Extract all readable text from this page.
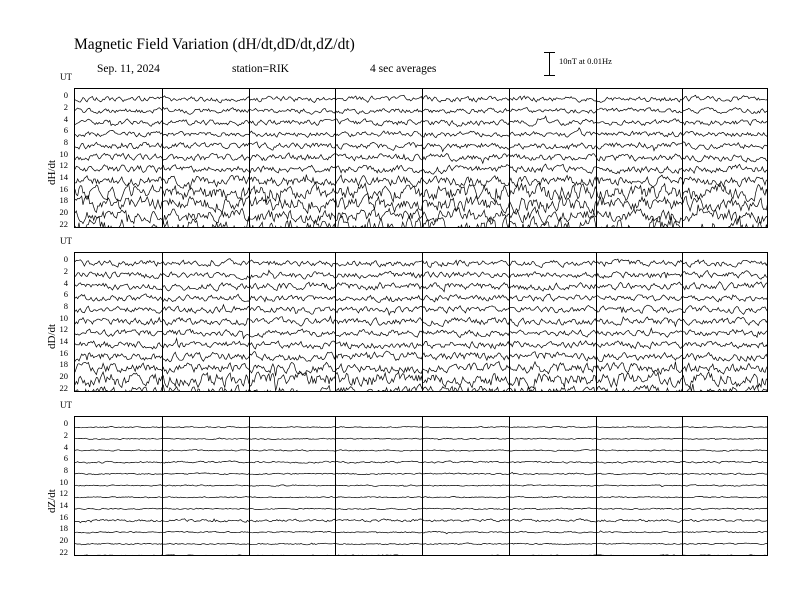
Magnetic Field Variation (dH/dt,dD/dt,dZ/dt)
Sep. 11, 2024	station=RIK	4 sec averages
10nT at 0.01Hz
UT
dH/dt
UT
dD/dt
UT
dZ/dt
0
2
4
6
8
10
12
14
16
18
20
22
0
2
4
6
8
10
12
14
16
18
20
22
0
2
4
6
8
10
12
14
16
18
20
22
